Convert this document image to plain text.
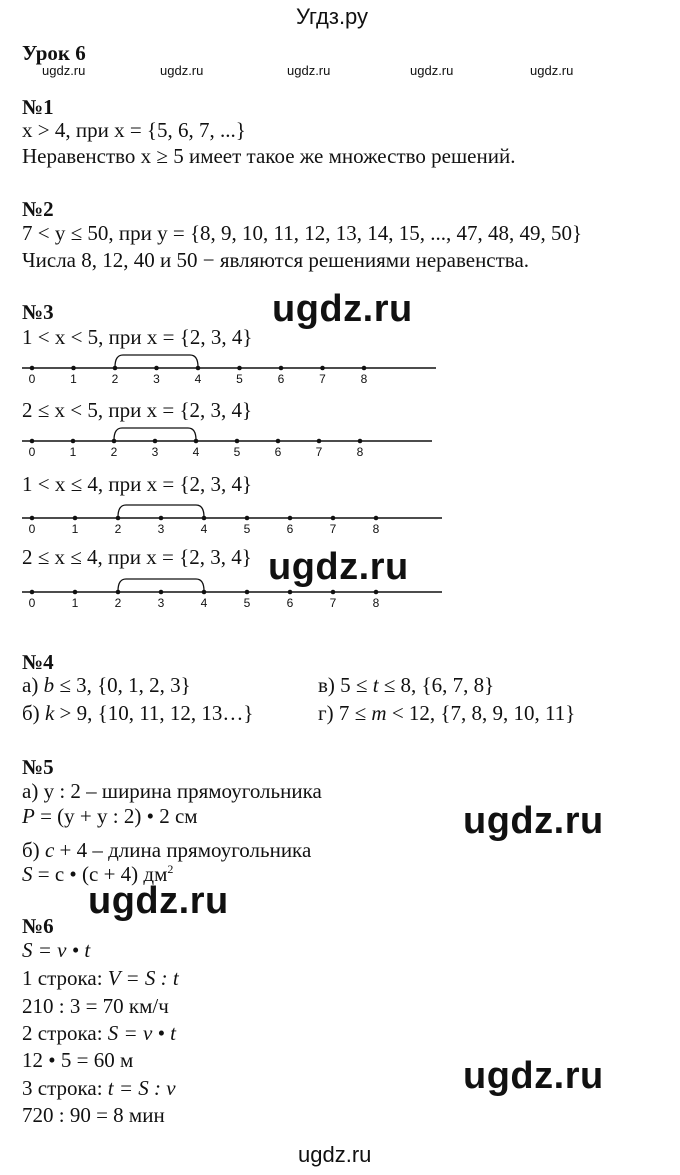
Угдз.ру
Урок 6
ugdz.ru	ugdz.ru	ugdz.ru	ugdz.ru	ugdz.ru
№1
x > 4, при x = {5, 6, 7, ...}
Неравенство x ≥ 5 имеет такое же множество решений.
№2
7 < y ≤ 50, при y = {8, 9, 10, 11, 12, 13, 14, 15, ..., 47, 48, 49, 50}
Числа 8, 12, 40 и 50 − являются решениями неравенства.
№3	ugdz.ru
1 < x < 5, при x = {2, 3, 4}
0	1	2	3	4	5	6	7	8
2 ≤ x < 5, при x = {2, 3, 4}
0	1	2	3	4	5	6	7	8
1 < x ≤ 4, при x = {2, 3, 4}
0	1	2	3	4	5	6	7	8
2 ≤ x ≤ 4, при x = {2, 3, 4} ugdz.ru
0	1	2	3	4	5	6	7	8
№4
а) b ≤ 3, {0, 1, 2, 3}	в) 5 ≤ t ≤ 8, {6, 7, 8}
б) k > 9, {10, 11, 12, 13…}	г) 7 ≤ m < 12, {7, 8, 9, 10, 11}
№5
а) y : 2 – ширина прямоугольника
P = (y + y : 2) • 2 см	ugdz.ru
б) c + 4 – длина прямоугольника
S = c • (c + 4) $дм^2$
ugdz.ru
№6
S = v • t
1 строка: V = S : t
210 : 3 = 70 км/ч
2 строка: S = v • t
12 • 5 = 60 м
3 строка: t = S : v
720 : 90 = 8 мин
ugdz.ru
ugdz.ru
